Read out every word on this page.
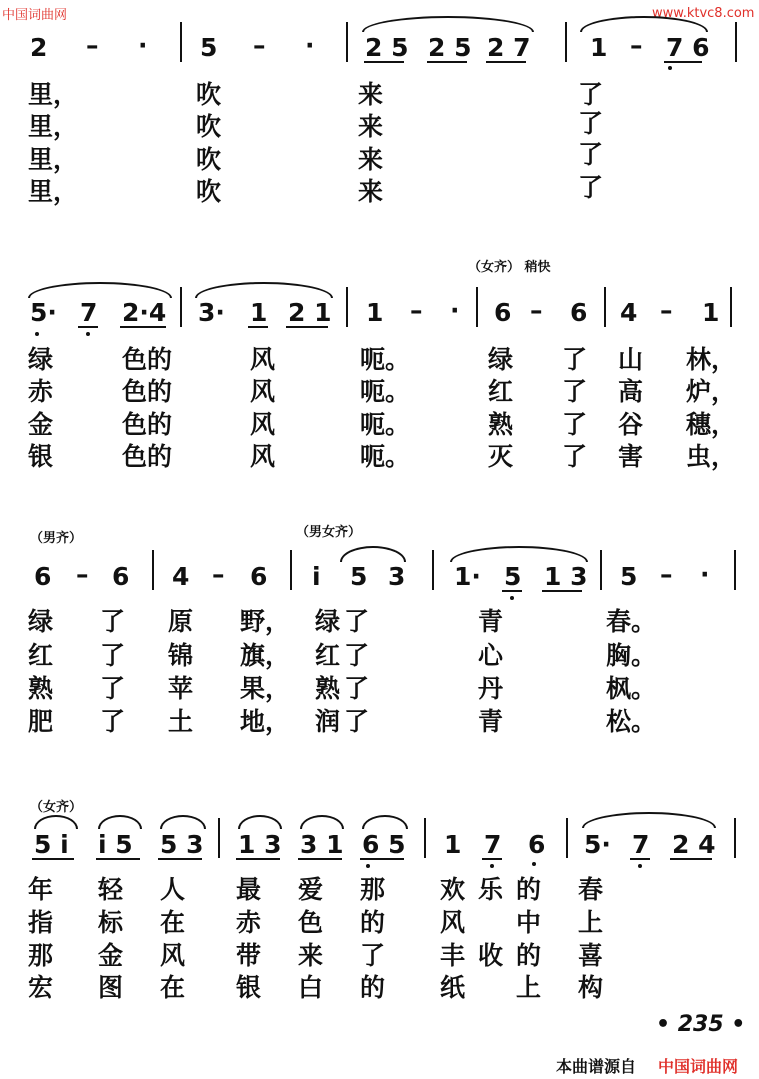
中国词曲网	www.ktvc8.com
2 – · 5 – · 2 5 2 5 2 7 1 – 7 6
里，	吹	来	了
里，	吹	来	了
里，	吹	来	了
里，	吹	来	了
（女齐） 稍快
5· 7 2·4 3· 1 2 1 1 – · 6 – 6 4 – 1
绿	色的	风	呃。	绿 了 山 林，
赤	色的	风	呃。	红 了 高 炉，
金	色的	风	呃。	熟 了 谷 穗，
银	色的	风	呃。	灭 了 害 虫，
（男齐）	（男女齐）
6 – 6 4 – 6 i 5 3 1· 5 1 3 5 – ·
绿 了 原 野， 绿 了	青	春。
红 了 锦 旗， 红 了	心	胸。
熟 了 苹 果， 熟 了	丹	枫。
肥 了 土 地， 润 了	青	松。
（女齐）
5 i i 5 5 3 1 3 3 1 6 5 1 7 6 5· 7 2 4
年 轻 人 最 爱 那 欢 乐 的 春
指 标 在 赤 色 的 风 中 上
那 金 风 带 来 了 丰 收 的 喜
宏 图 在 银 白 的 纸 上 构
• 235 •
本曲谱源自 中国词曲网
